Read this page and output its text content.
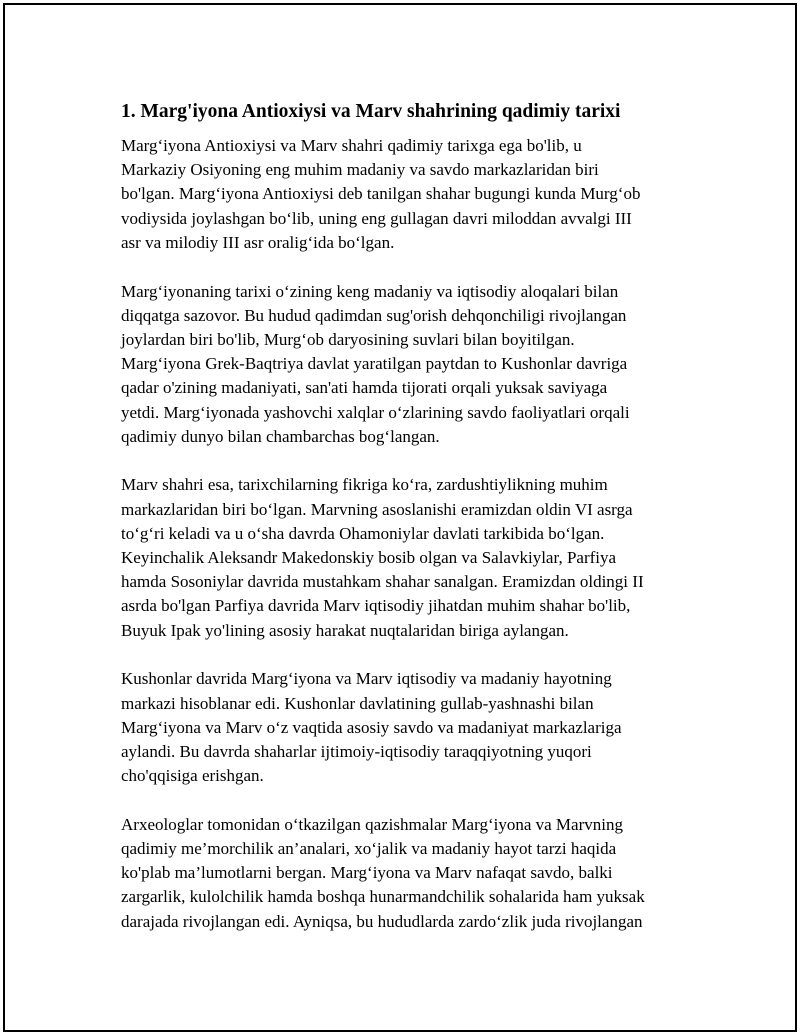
1. Marg'iyona Antioxiysi va Marv shahrining qadimiy tarixi
Marg‘iyona Antioxiysi va Marv shahri qadimiy tarixga ega bo'lib, u
Markaziy Osiyoning eng muhim madaniy va savdo markazlaridan biri
bo'lgan. Marg‘iyona Antioxiysi deb tanilgan shahar bugungi kunda Murg‘ob
vodiysida joylashgan bo‘lib, uning eng gullagan davri miloddan avvalgi III
asr va milodiy III asr oralig‘ida bo‘lgan.
Marg‘iyonaning tarixi o‘zining keng madaniy va iqtisodiy aloqalari bilan
diqqatga sazovor. Bu hudud qadimdan sug'orish dehqonchiligi rivojlangan
joylardan biri bo'lib, Murg‘ob daryosining suvlari bilan boyitilgan.
Marg‘iyona Grek-Baqtriya davlat yaratilgan paytdan to Kushonlar davriga
qadar o'zining madaniyati, san'ati hamda tijorati orqali yuksak saviyaga
yetdi. Marg‘iyonada yashovchi xalqlar o‘zlarining savdo faoliyatlari orqali
qadimiy dunyo bilan chambarchas bog‘langan.
Marv shahri esa, tarixchilarning fikriga ko‘ra, zardushtiylikning muhim
markazlaridan biri bo‘lgan. Marvning asoslanishi eramizdan oldin VI asrga
to‘g‘ri keladi va u o‘sha davrda Ohamoniylar davlati tarkibida bo‘lgan.
Keyinchalik Aleksandr Makedonskiy bosib olgan va Salavkiylar, Parfiya
hamda Sosoniylar davrida mustahkam shahar sanalgan. Eramizdan oldingi II
asrda bo'lgan Parfiya davrida Marv iqtisodiy jihatdan muhim shahar bo'lib,
Buyuk Ipak yo'lining asosiy harakat nuqtalaridan biriga aylangan.
Kushonlar davrida Marg‘iyona va Marv iqtisodiy va madaniy hayotning
markazi hisoblanar edi. Kushonlar davlatining gullab-yashnashi bilan
Marg‘iyona va Marv o‘z vaqtida asosiy savdo va madaniyat markazlariga
aylandi. Bu davrda shaharlar ijtimoiy-iqtisodiy taraqqiyotning yuqori
cho'qqisiga erishgan.
Arxeologlar tomonidan o‘tkazilgan qazishmalar Marg‘iyona va Marvning
qadimiy me’morchilik an’analari, xo‘jalik va madaniy hayot tarzi haqida
ko'plab ma’lumotlarni bergan. Marg‘iyona va Marv nafaqat savdo, balki
zargarlik, kulolchilik hamda boshqa hunarmandchilik sohalarida ham yuksak
darajada rivojlangan edi. Ayniqsa, bu hududlarda zardo‘zlik juda rivojlangan
